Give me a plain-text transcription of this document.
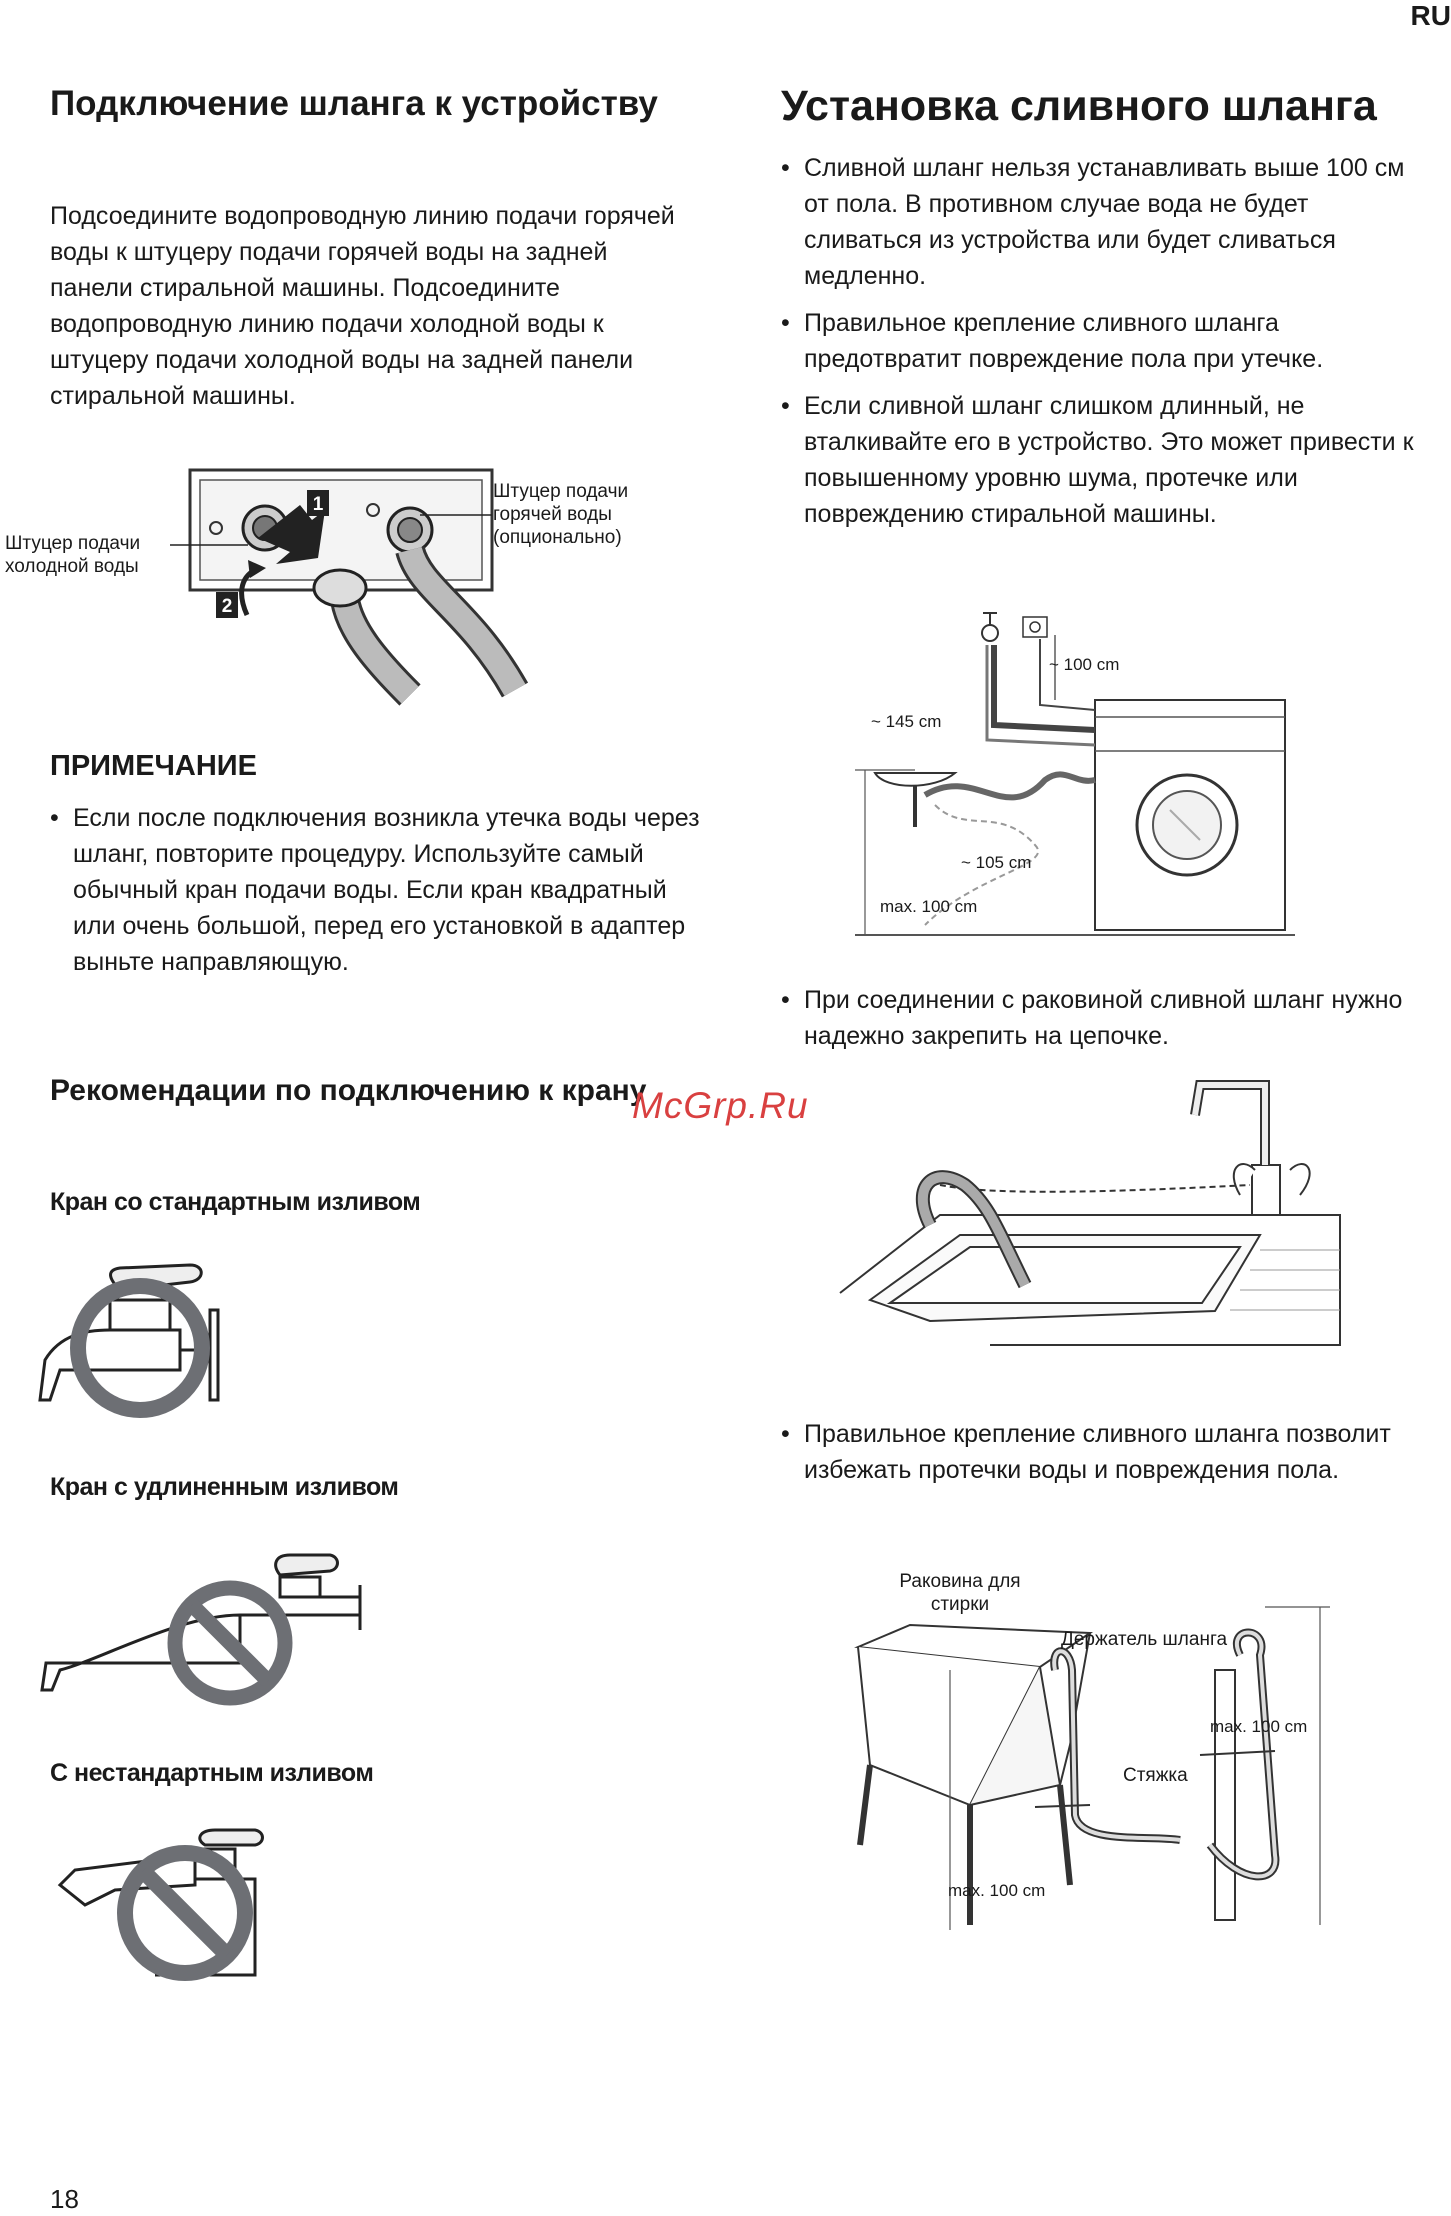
RU
Подключение шланга к устройству

Подсоедините водопроводную линию подачи горячей воды к штуцеру подачи горячей воды на задней панели стиральной машины. Подсоедините водопроводную линию подачи холодной воды к штуцеру подачи холодной воды на задней панели стиральной машины.

1
2
Штуцер подачи холодной воды
Штуцер подачи горячей воды (опционально)
ПРИМЕЧАНИЕ
• Если после подключения возникла утечка воды через шланг, повторите процедуру. Используйте самый обычный кран подачи воды. Если кран квадратный или очень большой, перед его установкой в адаптер выньте направляющую.
Рекомендации по подключению к крану
Кран со стандартным изливом
Кран с удлиненным изливом
С нестандартным изливом
Установка сливного шланга
• Сливной шланг нельзя устанавливать выше 100 см от пола. В противном случае вода не будет сливаться из устройства или будет сливаться медленно.
• Правильное крепление сливного шланга предотвратит повреждение пола при утечке.
• Если сливной шланг слишком длинный, не вталкивайте его в устройство. Это может привести к повышенному уровню шума, протечке или повреждению стиральной машины.
~ 145 cm
~ 100 cm
~ 105 cm
max. 100 cm
• При соединении с раковиной сливной шланг нужно надежно закрепить на цепочке.
• Правильное крепление сливного шланга позволит избежать протечки воды и повреждения пола.
Раковина для стирки
Держатель шланга
Стяжка
max. 100 cm
max. 100 cm
McGrp.Ru
18
